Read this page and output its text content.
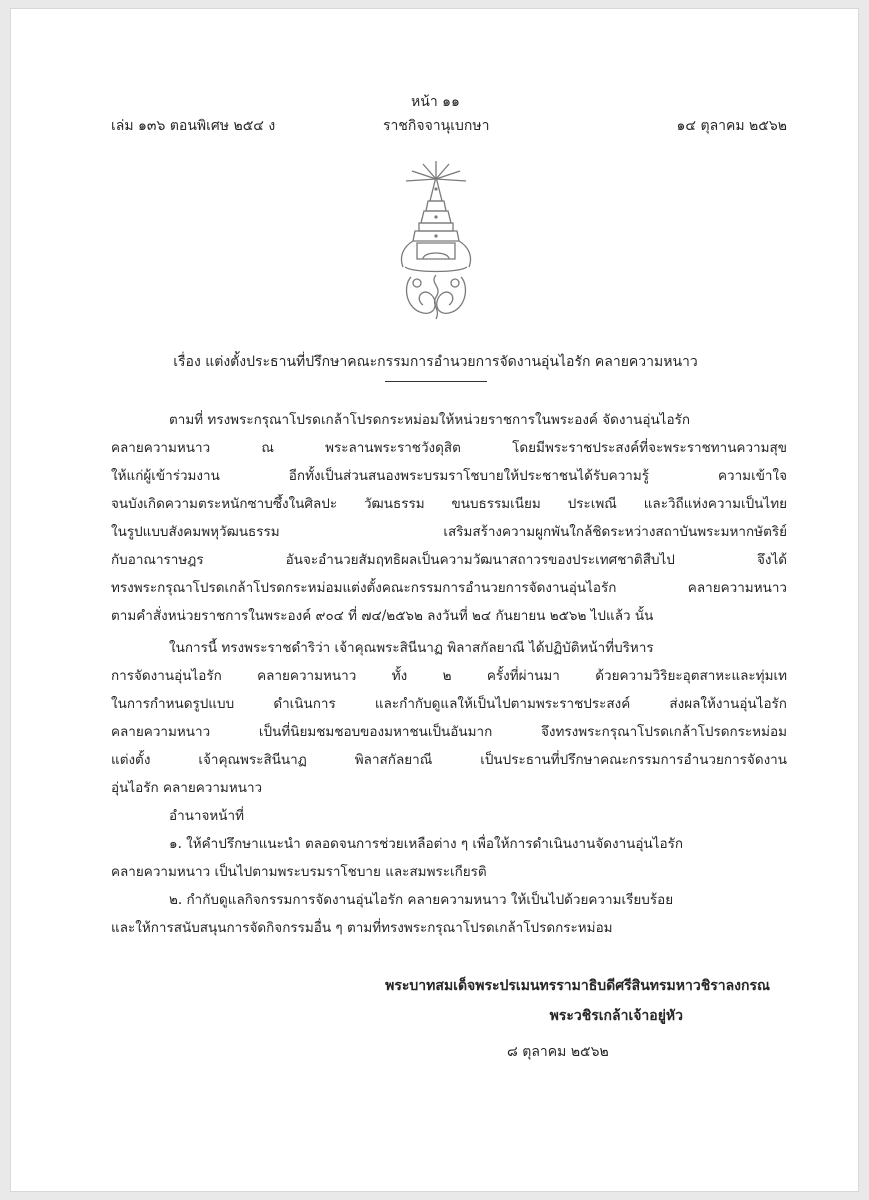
หน้า ๑๑
เล่ม ๑๓๖ ตอนพิเศษ ๒๕๔ ง	ราชกิจจานุเบกษา	๑๔ ตุลาคม ๒๕๖๒
เรื่อง แต่งตั้งประธานที่ปรึกษาคณะกรรมการอำนวยการจัดงานอุ่นไอรัก คลายความหนาว
ตามที่ ทรงพระกรุณาโปรดเกล้าโปรดกระหม่อมให้หน่วยราชการในพระองค์ จัดงานอุ่นไอรัก
คลายความหนาว ณ พระลานพระราชวังดุสิต โดยมีพระราชประสงค์ที่จะพระราชทานความสุข
ให้แก่ผู้เข้าร่วมงาน อีกทั้งเป็นส่วนสนองพระบรมราโชบายให้ประชาชนได้รับความรู้ ความเข้าใจ
จนบังเกิดความตระหนักซาบซึ้งในศิลปะ วัฒนธรรม ขนบธรรมเนียม ประเพณี และวิถีแห่งความเป็นไทย
ในรูปแบบสังคมพหุวัฒนธรรม เสริมสร้างความผูกพันใกล้ชิดระหว่างสถาบันพระมหากษัตริย์
กับอาณาราษฎร อันจะอำนวยสัมฤทธิผลเป็นความวัฒนาสถาวรของประเทศชาติสืบไป จึงได้
ทรงพระกรุณาโปรดเกล้าโปรดกระหม่อมแต่งตั้งคณะกรรมการอำนวยการจัดงานอุ่นไอรัก คลายความหนาว
ตามคำสั่งหน่วยราชการในพระองค์ ๙๐๔ ที่ ๗๔/๒๕๖๒ ลงวันที่ ๒๔ กันยายน ๒๕๖๒ ไปแล้ว นั้น
ในการนี้ ทรงพระราชดำริว่า เจ้าคุณพระสินีนาฏ พิลาสกัลยาณี ได้ปฏิบัติหน้าที่บริหาร
การจัดงานอุ่นไอรัก คลายความหนาว ทั้ง ๒ ครั้งที่ผ่านมา ด้วยความวิริยะอุตสาหะและทุ่มเท
ในการกำหนดรูปแบบ ดำเนินการ และกำกับดูแลให้เป็นไปตามพระราชประสงค์ ส่งผลให้งานอุ่นไอรัก
คลายความหนาว เป็นที่นิยมชมชอบของมหาชนเป็นอันมาก จึงทรงพระกรุณาโปรดเกล้าโปรดกระหม่อม
แต่งตั้ง เจ้าคุณพระสินีนาฏ พิลาสกัลยาณี เป็นประธานที่ปรึกษาคณะกรรมการอำนวยการจัดงาน
อุ่นไอรัก คลายความหนาว
อำนาจหน้าที่
๑. ให้คำปรึกษาแนะนำ ตลอดจนการช่วยเหลือต่าง ๆ เพื่อให้การดำเนินงานจัดงานอุ่นไอรัก
คลายความหนาว เป็นไปตามพระบรมราโชบาย และสมพระเกียรติ
๒. กำกับดูแลกิจกรรมการจัดงานอุ่นไอรัก คลายความหนาว ให้เป็นไปด้วยความเรียบร้อย
และให้การสนับสนุนการจัดกิจกรรมอื่น ๆ ตามที่ทรงพระกรุณาโปรดเกล้าโปรดกระหม่อม
พระบาทสมเด็จพระปรเมนทรรามาธิบดีศรีสินทรมหาวชิราลงกรณ
พระวชิรเกล้าเจ้าอยู่หัว
๘ ตุลาคม ๒๕๖๒
